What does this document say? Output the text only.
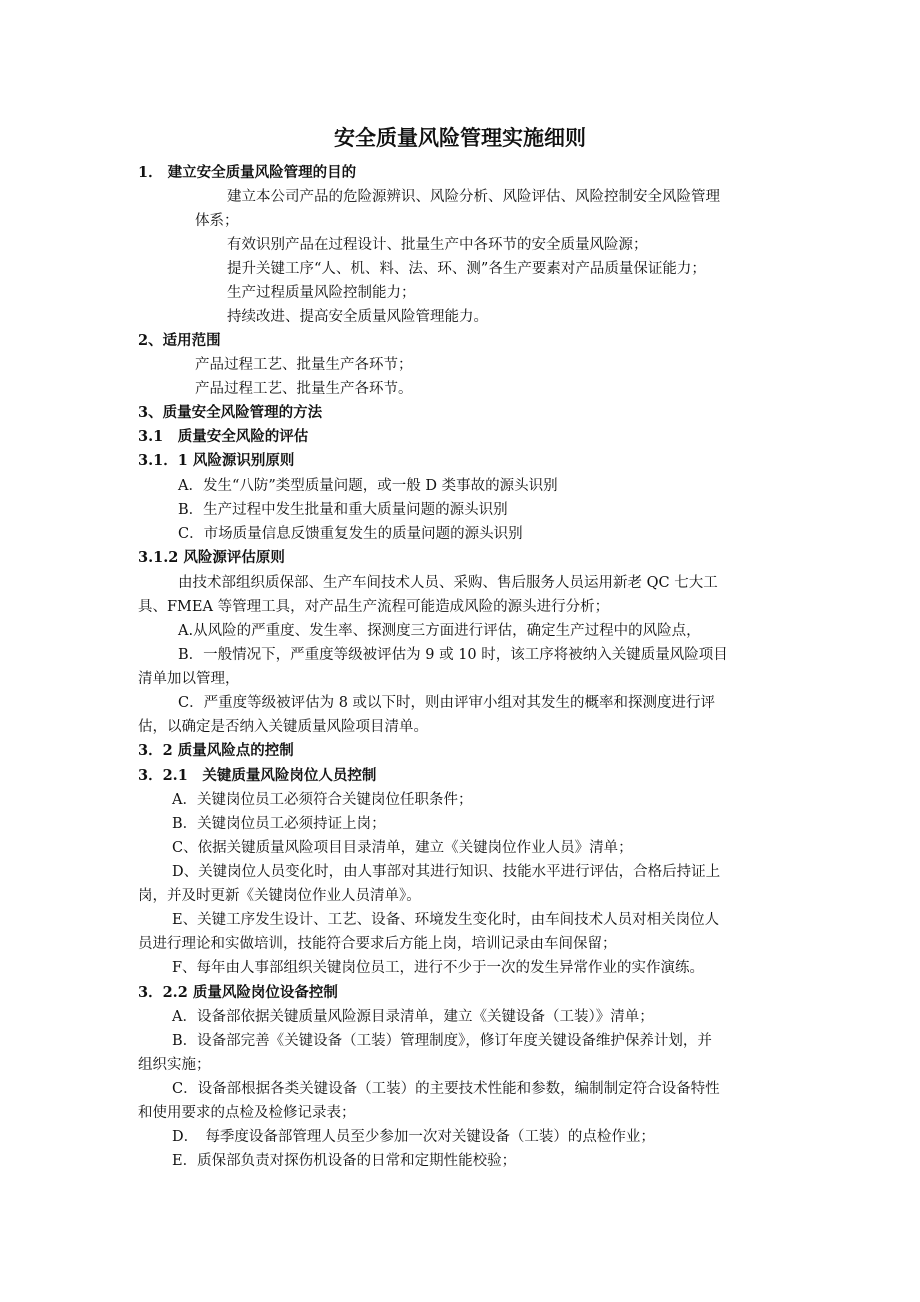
安全质量风险管理实施细则

1． 建立安全质量风险管理的目的

建立本公司产品的危险源辨识、风险分析、风险评估、风险控制安全风险管理

体系；

有效识别产品在过程设计、批量生产中各环节的安全质量风险源；

提升关键工序“人、机、料、法、环、测”各生产要素对产品质量保证能力；

生产过程质量风险控制能力；

持续改进、提高安全质量风险管理能力。

2、适用范围

产品过程工艺、批量生产各环节；

产品过程工艺、批量生产各环节。

3、质量安全风险管理的方法

3.1　质量安全风险的评估

3.1．1 风险源识别原则

A．发生“八防”类型质量问题，或一般 D 类事故的源头识别

B．生产过程中发生批量和重大质量问题的源头识别

C．市场质量信息反馈重复发生的质量问题的源头识别

3.1.2 风险源评估原则

由技术部组织质保部、生产车间技术人员、采购、售后服务人员运用新老 QC 七大工

具、FMEA 等管理工具，对产品生产流程可能造成风险的源头进行分析；

A.从风险的严重度、发生率、探测度三方面进行评估，确定生产过程中的风险点，

B．一般情况下，严重度等级被评估为 9 或 10 时，该工序将被纳入关键质量风险项目

清单加以管理，

C．严重度等级被评估为 8 或以下时，则由评审小组对其发生的概率和探测度进行评

估，以确定是否纳入关键质量风险项目清单。

3．2 质量风险点的控制

3．2.1　关键质量风险岗位人员控制

A．关键岗位员工必须符合关键岗位任职条件；

B．关键岗位员工必须持证上岗；

C、依据关键质量风险项目目录清单，建立《关键岗位作业人员》清单；

D、关键岗位人员变化时，由人事部对其进行知识、技能水平进行评估，合格后持证上

岗，并及时更新《关键岗位作业人员清单》。

E、关键工序发生设计、工艺、设备、环境发生变化时，由车间技术人员对相关岗位人

员进行理论和实做培训，技能符合要求后方能上岗，培训记录由车间保留；

F、每年由人事部组织关键岗位员工，进行不少于一次的发生异常作业的实作演练。

3．2.2 质量风险岗位设备控制

A．设备部依据关键质量风险源目录清单，建立《关键设备（工装）》清单；

B．设备部完善《关键设备（工装）管理制度》，修订年度关键设备维护保养计划，并

组织实施；

C．设备部根据各类关键设备（工装）的主要技术性能和参数，编制制定符合设备特性

和使用要求的点检及检修记录表；

D．　每季度设备部管理人员至少参加一次对关键设备（工装）的点检作业；

E．质保部负责对探伤机设备的日常和定期性能校验；
